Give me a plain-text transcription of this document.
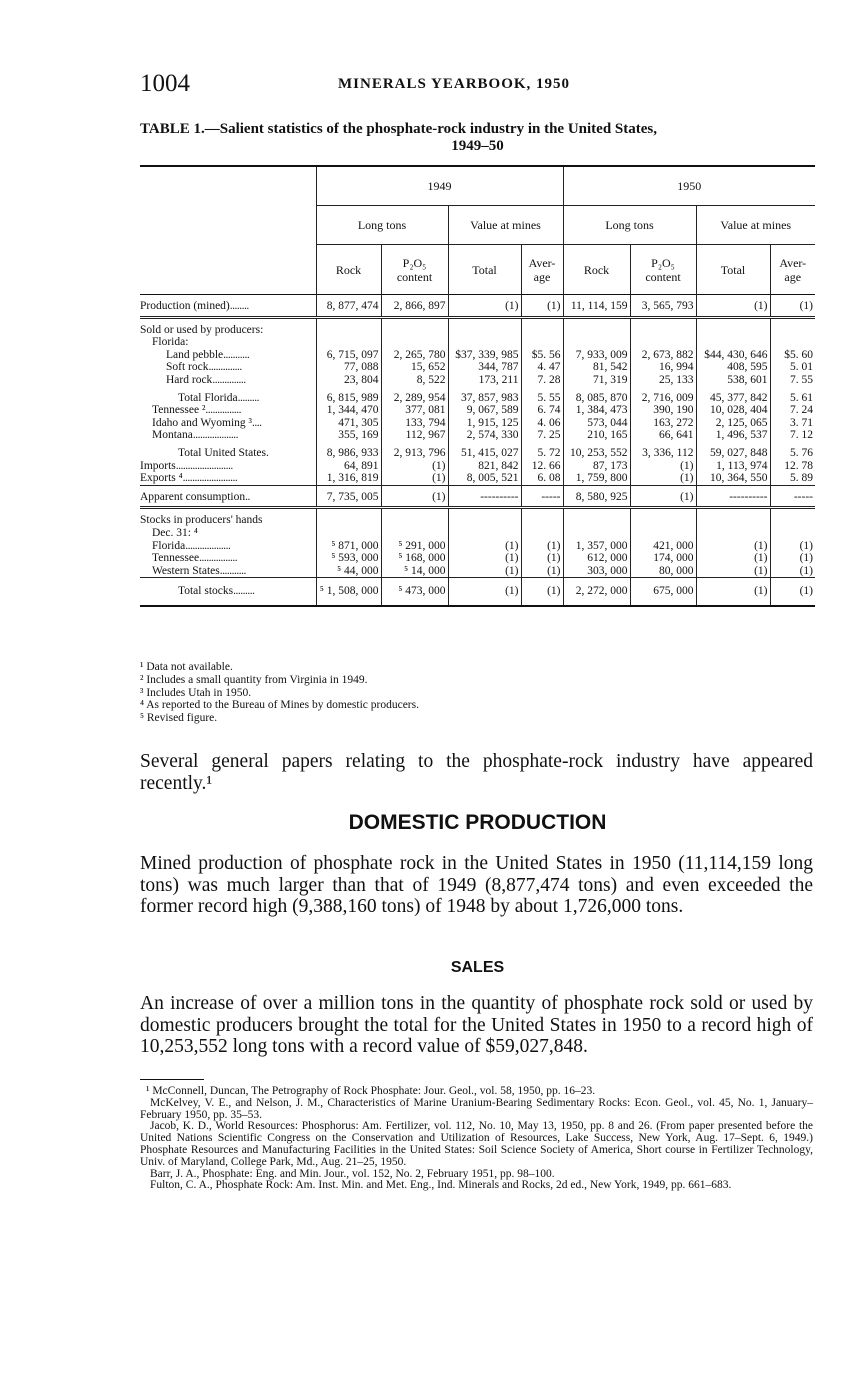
1004	MINERALS YEARBOOK, 1950
TABLE 1.—Salient statistics of the phosphate-rock industry in the United States,
1949–50
	1949				1950			
	Long tons		Value at mines		Long tons		Value at mines	
	Rock	P₂O₅ content	Total	Aver-age	Rock	P₂O₅ content	Total	Aver-age
Production (mined)........	8, 877, 474	2, 866, 897	(1)	(1)	11, 114, 159	3, 565, 793	(1)	(1)
Sold or used by producers:								
Florida:								
Land pebble...........	6, 715, 097	2, 265, 780	$37, 339, 985	$5. 56	7, 933, 009	2, 673, 882	$44, 430, 646	$5. 60
Soft rock..............	77, 088	15, 652	344, 787	4. 47	81, 542	16, 994	408, 595	5. 01
Hard rock..............	23, 804	8, 522	173, 211	7. 28	71, 319	25, 133	538, 601	7. 55
Total Florida.........	6, 815, 989	2, 289, 954	37, 857, 983	5. 55	8, 085, 870	2, 716, 009	45, 377, 842	5. 61
Tennessee ²...............	1, 344, 470	377, 081	9, 067, 589	6. 74	1, 384, 473	390, 190	10, 028, 404	7. 24
Idaho and Wyoming ³....	471, 305	133, 794	1, 915, 125	4. 06	573, 044	163, 272	2, 125, 065	3. 71
Montana...................	355, 169	112, 967	2, 574, 330	7. 25	210, 165	66, 641	1, 496, 537	7. 12
Total United States.	8, 986, 933	2, 913, 796	51, 415, 027	5. 72	10, 253, 552	3, 336, 112	59, 027, 848	5. 76
Imports........................	64, 891	(1)	821, 842	12. 66	87, 173	(1)	1, 113, 974	12. 78
Exports ⁴.......................	1, 316, 819	(1)	8, 005, 521	6. 08	1, 759, 800	(1)	10, 364, 550	5. 89
Apparent consumption..	7, 735, 005	(1)	----------	-----	8, 580, 925	(1)	----------	-----
Stocks in producers' hands								
Dec. 31: ⁴								
Florida...................	⁵ 871, 000	⁵ 291, 000	(1)	(1)	1, 357, 000	421, 000	(1)	(1)
Tennessee................	⁵ 593, 000	⁵ 168, 000	(1)	(1)	612, 000	174, 000	(1)	(1)
Western States...........	⁵ 44, 000	⁵ 14, 000	(1)	(1)	303, 000	80, 000	(1)	(1)
Total stocks.........	⁵ 1, 508, 000	⁵ 473, 000	(1)	(1)	2, 272, 000	675, 000	(1)	(1)
¹ Data not available.
² Includes a small quantity from Virginia in 1949.
³ Includes Utah in 1950.
⁴ As reported to the Bureau of Mines by domestic producers.
⁵ Revised figure.
Several general papers relating to the phosphate-rock industry have appeared recently.¹
DOMESTIC PRODUCTION
Mined production of phosphate rock in the United States in 1950 (11,114,159 long tons) was much larger than that of 1949 (8,877,474 tons) and even exceeded the former record high (9,388,160 tons) of 1948 by about 1,726,000 tons.
SALES
An increase of over a million tons in the quantity of phosphate rock sold or used by domestic producers brought the total for the United States in 1950 to a record high of 10,253,552 long tons with a record value of $59,027,848.

¹ McConnell, Duncan, The Petrography of Rock Phosphate: Jour. Geol., vol. 58, 1950, pp. 16–23.

McKelvey, V. E., and Nelson, J. M., Characteristics of Marine Uranium-Bearing Sedimentary Rocks: Econ. Geol., vol. 45, No. 1, January–February 1950, pp. 35–53.

Jacob, K. D., World Resources: Phosphorus: Am. Fertilizer, vol. 112, No. 10, May 13, 1950, pp. 8 and 26. (From paper presented before the United Nations Scientific Congress on the Conservation and Utilization of Resources, Lake Success, New York, Aug. 17–Sept. 6, 1949.) Phosphate Resources and Manufacturing Facilities in the United States: Soil Science Society of America, Short course in Fertilizer Technology, Univ. of Maryland, College Park, Md., Aug. 21–25, 1950.

Barr, J. A., Phosphate: Eng. and Min. Jour., vol. 152, No. 2, February 1951, pp. 98–100.

Fulton, C. A., Phosphate Rock: Am. Inst. Min. and Met. Eng., Ind. Minerals and Rocks, 2d ed., New York, 1949, pp. 661–683.
